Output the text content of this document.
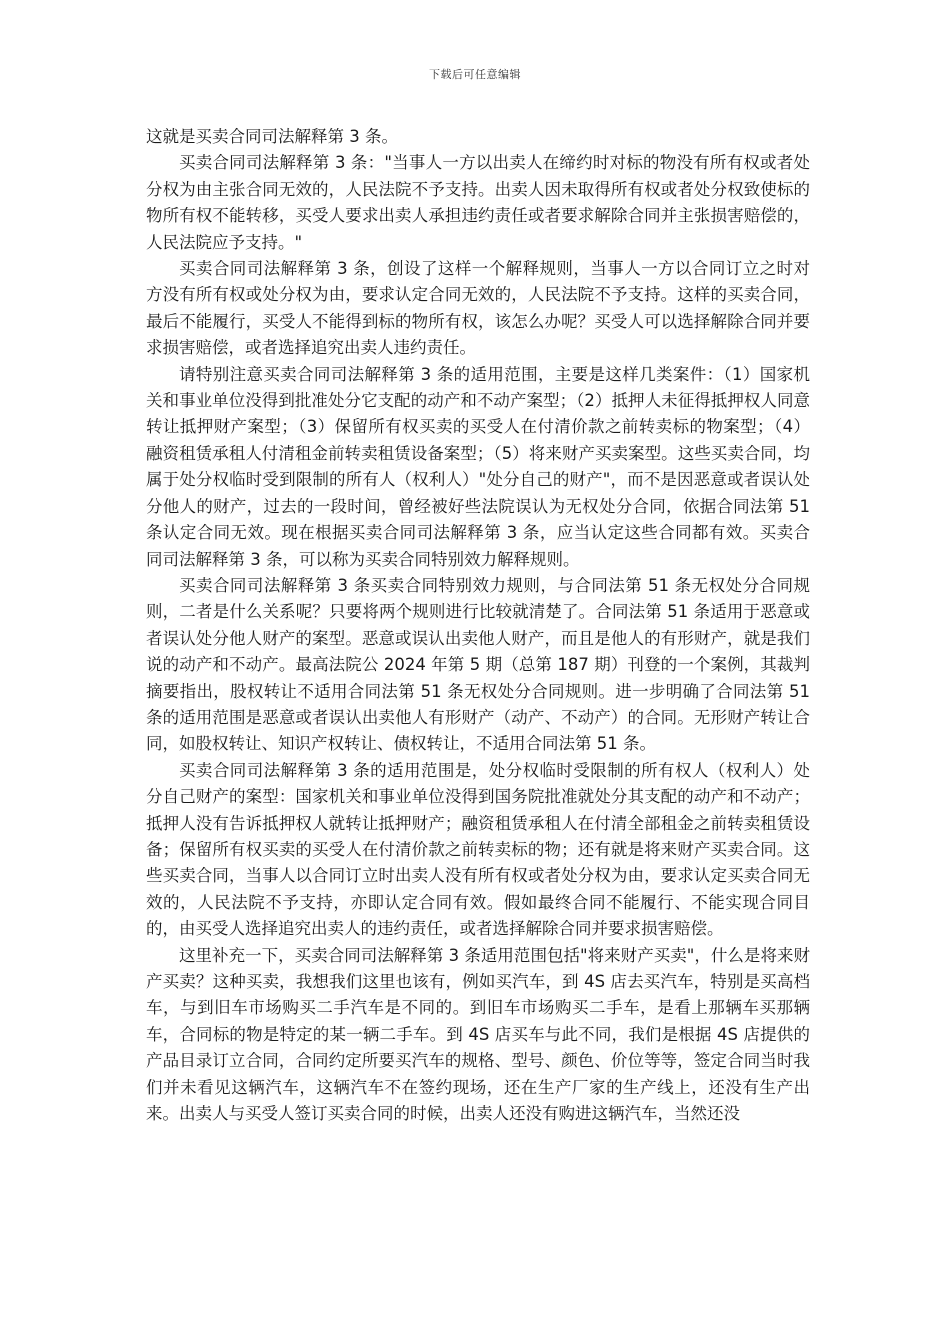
下载后可任意编辑

这就是买卖合同司法解释第 3 条。

买卖合同司法解释第 3 条："当事人一方以出卖人在缔约时对标的物没有所有权或者处分权为由主张合同无效的，人民法院不予支持。出卖人因未取得所有权或者处分权致使标的物所有权不能转移，买受人要求出卖人承担违约责任或者要求解除合同并主张损害赔偿的，人民法院应予支持。"

买卖合同司法解释第 3 条，创设了这样一个解释规则，当事人一方以合同订立之时对方没有所有权或处分权为由，要求认定合同无效的，人民法院不予支持。这样的买卖合同，最后不能履行，买受人不能得到标的物所有权，该怎么办呢？买受人可以选择解除合同并要求损害赔偿，或者选择追究出卖人违约责任。

请特别注意买卖合同司法解释第 3 条的适用范围，主要是这样几类案件：（1）国家机关和事业单位没得到批准处分它支配的动产和不动产案型；（2）抵押人未征得抵押权人同意转让抵押财产案型；（3）保留所有权买卖的买受人在付清价款之前转卖标的物案型；（4）融资租赁承租人付清租金前转卖租赁设备案型；（5）将来财产买卖案型。这些买卖合同，均属于处分权临时受到限制的所有人（权利人）"处分自己的财产"，而不是因恶意或者误认处分他人的财产，过去的一段时间，曾经被好些法院误认为无权处分合同，依据合同法第 51 条认定合同无效。现在根据买卖合同司法解释第 3 条，应当认定这些合同都有效。买卖合同司法解释第 3 条，可以称为买卖合同特别效力解释规则。

买卖合同司法解释第 3 条买卖合同特别效力规则，与合同法第 51 条无权处分合同规则，二者是什么关系呢？只要将两个规则进行比较就清楚了。合同法第 51 条适用于恶意或者误认处分他人财产的案型。恶意或误认出卖他人财产，而且是他人的有形财产，就是我们说的动产和不动产。最高法院公 2024 年第 5 期（总第 187 期）刊登的一个案例，其裁判摘要指出，股权转让不适用合同法第 51 条无权处分合同规则。进一步明确了合同法第 51 条的适用范围是恶意或者误认出卖他人有形财产（动产、不动产）的合同。无形财产转让合同，如股权转让、知识产权转让、债权转让，不适用合同法第 51 条。

买卖合同司法解释第 3 条的适用范围是，处分权临时受限制的所有权人（权利人）处分自己财产的案型：国家机关和事业单位没得到国务院批准就处分其支配的动产和不动产；抵押人没有告诉抵押权人就转让抵押财产；融资租赁承租人在付清全部租金之前转卖租赁设备；保留所有权买卖的买受人在付清价款之前转卖标的物；还有就是将来财产买卖合同。这些买卖合同，当事人以合同订立时出卖人没有所有权或者处分权为由，要求认定买卖合同无效的，人民法院不予支持，亦即认定合同有效。假如最终合同不能履行、不能实现合同目的，由买受人选择追究出卖人的违约责任，或者选择解除合同并要求损害赔偿。

这里补充一下，买卖合同司法解释第 3 条适用范围包括"将来财产买卖"，什么是将来财产买卖？这种买卖，我想我们这里也该有，例如买汽车，到 4S 店去买汽车，特别是买高档车，与到旧车市场购买二手汽车是不同的。到旧车市场购买二手车，是看上那辆车买那辆车，合同标的物是特定的某一辆二手车。到 4S 店买车与此不同，我们是根据 4S 店提供的产品目录订立合同，合同约定所要买汽车的规格、型号、颜色、价位等等，签定合同当时我们并未看见这辆汽车，这辆汽车不在签约现场，还在生产厂家的生产线上，还没有生产出来。出卖人与买受人签订买卖合同的时候，出卖人还没有购进这辆汽车，当然还没
